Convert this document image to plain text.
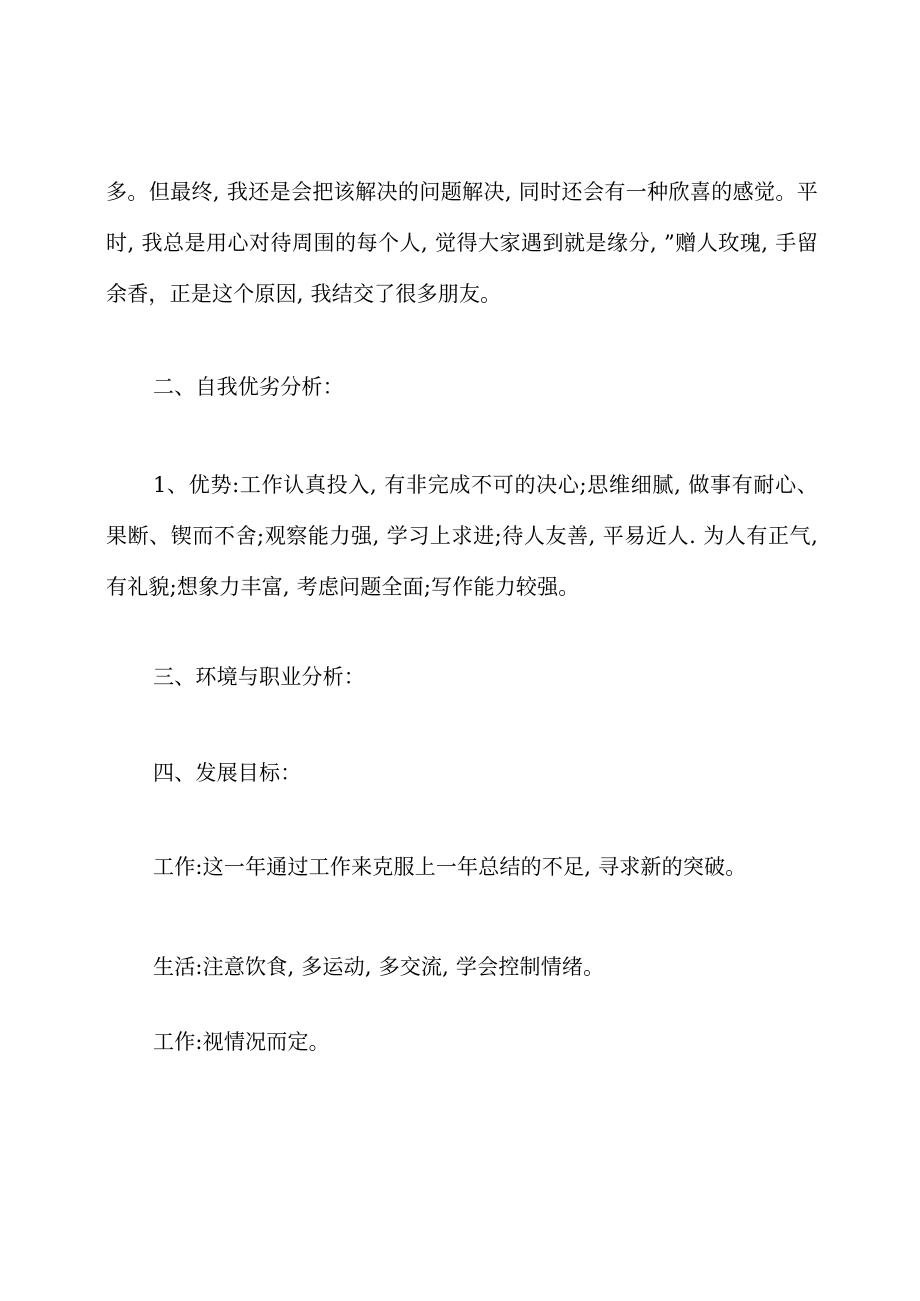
多。但最终, 我还是会把该解决的问题解决, 同时还会有一种欣喜的感觉。平时, 我总是用心对待周围的每个人, 觉得大家遇到就是缘分, ”赠人玫瑰, 手留余香，正是这个原因, 我结交了很多朋友。

二、自我优劣分析：

1、优势:工作认真投入, 有非完成不可的决心;思维细腻, 做事有耐心、果断、锲而不舍;观察能力强, 学习上求进;待人友善, 平易近人. 为人有正气, 有礼貌;想象力丰富, 考虑问题全面;写作能力较强。

三、环境与职业分析：

四、发展目标：

工作:这一年通过工作来克服上一年总结的不足, 寻求新的突破。

生活:注意饮食, 多运动, 多交流, 学会控制情绪。

工作:视情况而定。
